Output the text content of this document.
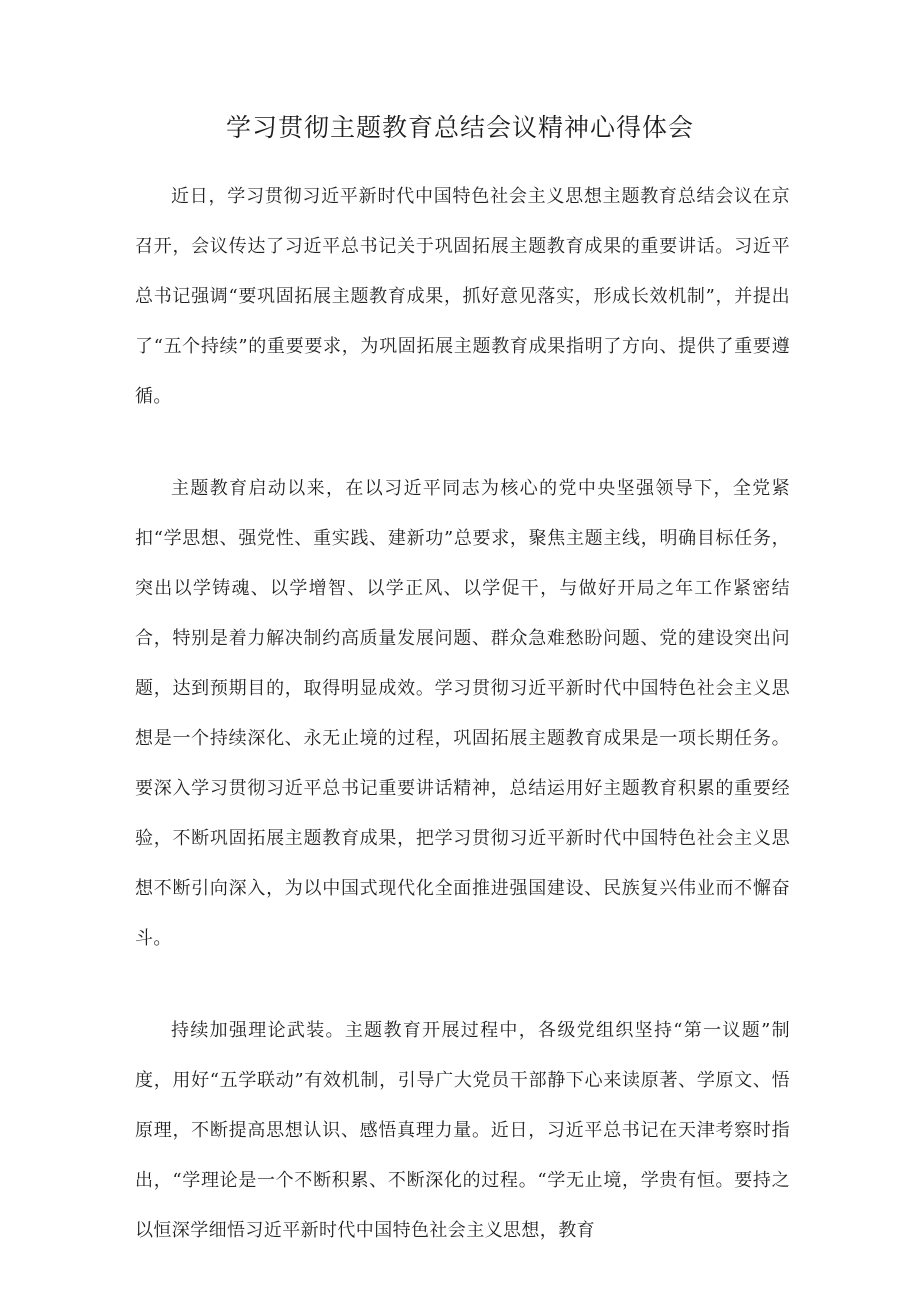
学习贯彻主题教育总结会议精神心得体会

近日，学习贯彻习近平新时代中国特色社会主义思想主题教育总结会议在京召开，会议传达了习近平总书记关于巩固拓展主题教育成果的重要讲话。习近平总书记强调“要巩固拓展主题教育成果，抓好意见落实，形成长效机制”，并提出了“五个持续”的重要要求，为巩固拓展主题教育成果指明了方向、提供了重要遵循。

主题教育启动以来，在以习近平同志为核心的党中央坚强领导下，全党紧扣“学思想、强党性、重实践、建新功”总要求，聚焦主题主线，明确目标任务，突出以学铸魂、以学增智、以学正风、以学促干，与做好开局之年工作紧密结合，特别是着力解决制约高质量发展问题、群众急难愁盼问题、党的建设突出问题，达到预期目的，取得明显成效。学习贯彻习近平新时代中国特色社会主义思想是一个持续深化、永无止境的过程，巩固拓展主题教育成果是一项长期任务。要深入学习贯彻习近平总书记重要讲话精神，总结运用好主题教育积累的重要经验，不断巩固拓展主题教育成果，把学习贯彻习近平新时代中国特色社会主义思想不断引向深入，为以中国式现代化全面推进强国建设、民族复兴伟业而不懈奋斗。

持续加强理论武装。主题教育开展过程中，各级党组织坚持“第一议题”制度，用好“五学联动”有效机制，引导广大党员干部静下心来读原著、学原文、悟原理，不断提高思想认识、感悟真理力量。近日，习近平总书记在天津考察时指出，“学理论是一个不断积累、不断深化的过程。“学无止境，学贵有恒。要持之以恒深学细悟习近平新时代中国特色社会主义思想，教育
